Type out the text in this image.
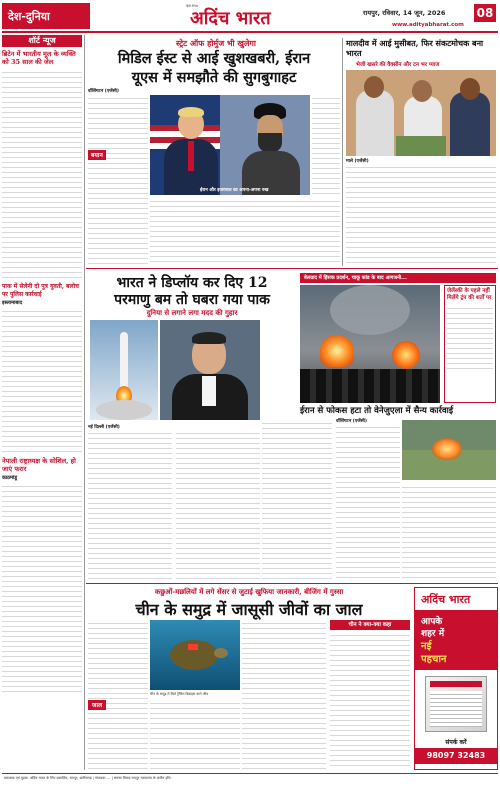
देश-दुनिया
हिंदी दैनिक
अदिंच भारत	रायपुर, रविवार, 14 जून, 2026	08
www.adityabharat.com
शॉर्ट न्यूज
ब्रिटेन में भारतीय मूल के व्यक्ति को 35 साल की जेल
पाक में सेलेनी दो पुत्र युवती, बलोच पर पुलिस कार्रवाई
इस्लामाबाद
नेपाली राष्ट्राध्यक्ष के सोशिल, हो जाएं फरार
काठमांडू
स्ट्रेट ऑफ होर्मुज भी खुलेगा
मिडिल ईस्ट से आई खुशखबरी, ईरान
यूएस में समझौते की सुगबुगाहट
वॉशिंगटन (एजेंसी)
बयान
ईरान और इजरायल का अपना-अपना रुख
मालदीव में आई मुसीबत, फिर संकटमोचक बना भारत
भेजी खसरे की वैक्सीन और टन भर प्याज
माले (एजेंसी)
भारत ने डिप्लॉय कर दिए 12
परमाणु बम तो घबरा गया पाक
दुनिया से लगाने लगा मदद की गुहार
नई दिल्ली (एजेंसी)
बेलग्राद में हिंसक प्रदर्शन, चाकू कांड के बाद आगजनी...
जेलेंस्की के पहले नहीं मिलेंगे ट्रंप की शर्तों पर
ईरान से फोकस हटा तो वेनेजुएला में सैन्य कार्रवाई
वॉशिंगटन (एजेंसी)
कछुओं-मछलियों में लगे सेंसर से जुटाई खुफिया जानकारी, बीजिंग में गुस्सा
चीन के समुद्र में जासूसी जीवों का जाल
चीन ने क्या-क्या कहा
जाल
चीन के समुद्र में मिले ट्रैकिंग डिवाइस वाले जीव
अदिंच भारत
आपके
शहर में
नई
पहचान
संपर्क करें
98097 32483
प्रकाशक एवं मुद्रक: अदिंच भारत के लिए प्रकाशित, रायपुर, छत्तीसगढ़ | संपादक: ... | समस्त विवाद रायपुर न्यायालय के अधीन होंगे।
